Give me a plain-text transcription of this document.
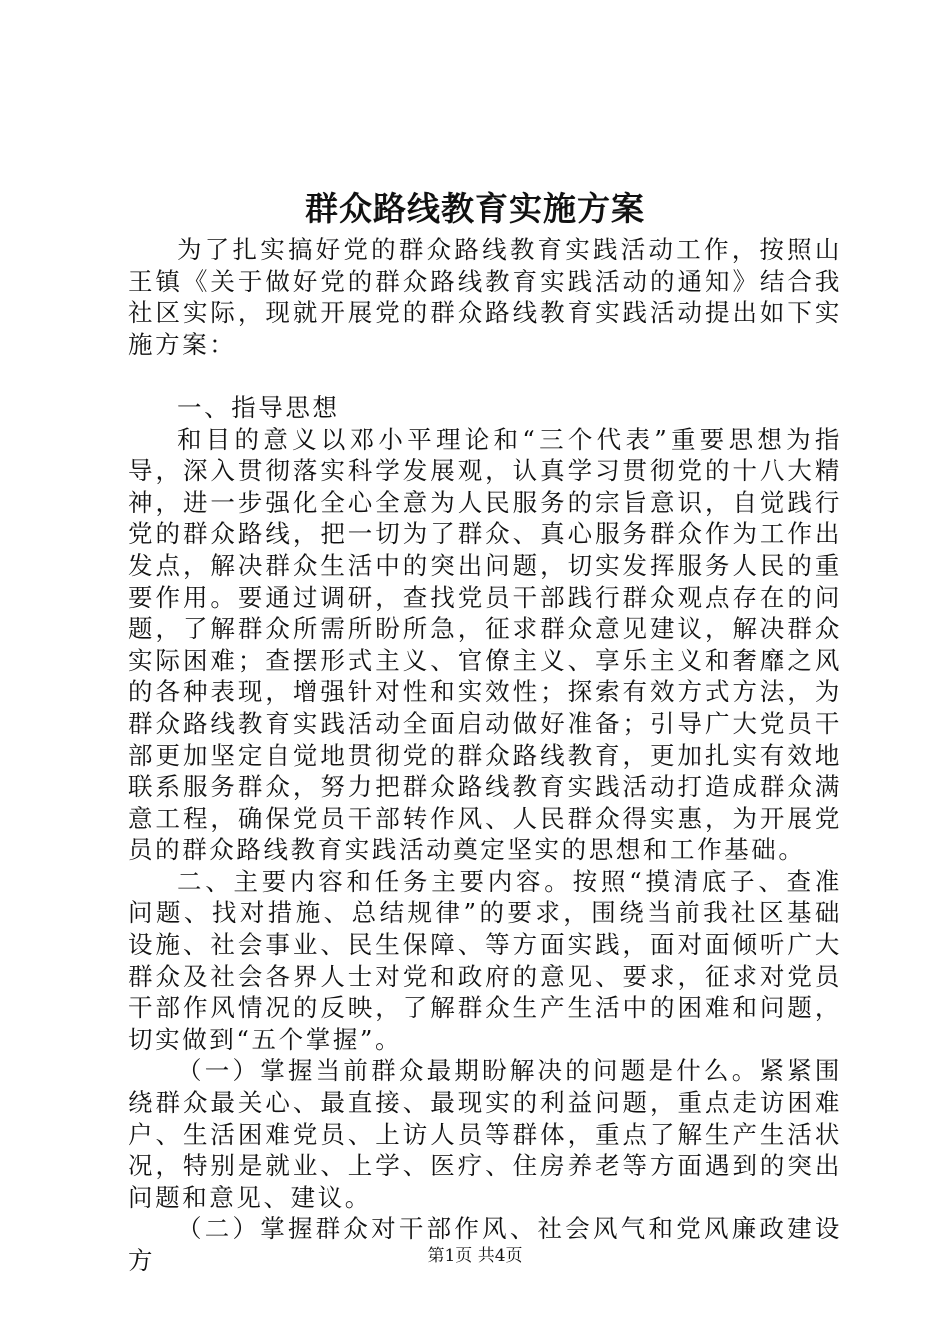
群众路线教育实施方案

为了扎实搞好党的群众路线教育实践活动工作，按照山王镇《关于做好党的群众路线教育实践活动的通知》结合我社区实际，现就开展党的群众路线教育实践活动提出如下实施方案：

一、指导思想

和目的意义以邓小平理论和“三个代表”重要思想为指导，深入贯彻落实科学发展观，认真学习贯彻党的十八大精神，进一步强化全心全意为人民服务的宗旨意识，自觉践行党的群众路线，把一切为了群众、真心服务群众作为工作出发点，解决群众生活中的突出问题，切实发挥服务人民的重要作用。要通过调研，查找党员干部践行群众观点存在的问题，了解群众所需所盼所急，征求群众意见建议，解决群众实际困难；查摆形式主义、官僚主义、享乐主义和奢靡之风的各种表现，增强针对性和实效性；探索有效方式方法，为群众路线教育实践活动全面启动做好准备；引导广大党员干部更加坚定自觉地贯彻党的群众路线教育，更加扎实有效地联系服务群众，努力把群众路线教育实践活动打造成群众满意工程，确保党员干部转作风、人民群众得实惠，为开展党员的群众路线教育实践活动奠定坚实的思想和工作基础。

二、主要内容和任务主要内容。按照“摸清底子、查准问题、找对措施、总结规律”的要求，围绕当前我社区基础设施、社会事业、民生保障、等方面实践，面对面倾听广大群众及社会各界人士对党和政府的意见、要求，征求对党员干部作风情况的反映，了解群众生产生活中的困难和问题，切实做到“五个掌握”。

（一）掌握当前群众最期盼解决的问题是什么。紧紧围绕群众最关心、最直接、最现实的利益问题，重点走访困难户、生活困难党员、上访人员等群体，重点了解生产生活状况，特别是就业、上学、医疗、住房养老等方面遇到的突出问题和意见、建议。

（二）掌握群众对干部作风、社会风气和党风廉政建设方	第1页 共4页
